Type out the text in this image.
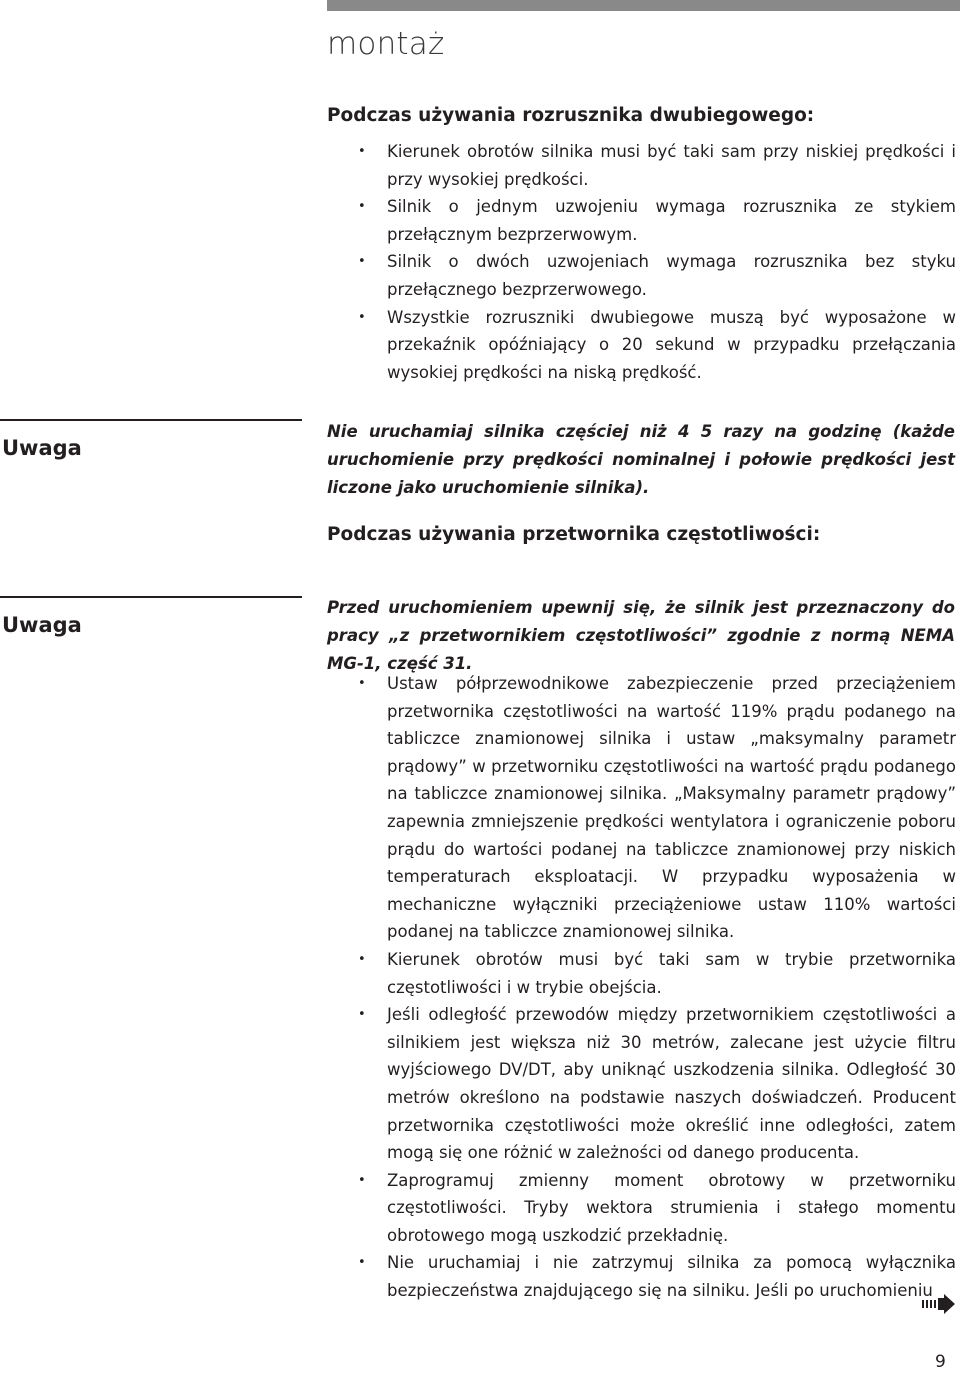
montaż
Podczas używania rozrusznika dwubiegowego:
• Kierunek obrotów silnika musi być taki sam przy niskiej prędkości i przy wysokiej prędkości.
• Silnik o jednym uzwojeniu wymaga rozrusznika ze stykiem przełącznym bezprzerwowym.
• Silnik o dwóch uzwojeniach wymaga rozrusznika bez styku przełącznego bezprzerwowego.
• Wszystkie rozruszniki dwubiegowe muszą być wyposażone w przekaźnik opóźniający o 20 sekund w przypadku przełączania wysokiej prędkości na niską prędkość.
Uwaga
Nie uruchamiaj silnika częściej niż 4 5 razy na godzinę (każde uruchomienie przy prędkości nominalnej i połowie prędkości jest liczone jako uruchomienie silnika).
Podczas używania przetwornika częstotliwości:
Uwaga
Przed uruchomieniem upewnij się, że silnik jest przeznaczony do pracy „z przetwornikiem częstotliwości” zgodnie z normą NEMA MG-1, część 31.
• Ustaw półprzewodnikowe zabezpieczenie przed przeciążeniem przetwornika częstotliwości na wartość 119% prądu podanego na tabliczce znamionowej silnika i ustaw „maksymalny parametr prądowy” w przetworniku częstotliwości na wartość prądu podanego na tabliczce znamionowej silnika. „Maksymalny parametr prądowy” zapewnia zmniejszenie prędkości wentylatora i ograniczenie poboru prądu do wartości podanej na tabliczce znamionowej przy niskich temperaturach eksploatacji. W przypadku wyposażenia w mechaniczne wyłączniki przeciążeniowe ustaw 110% wartości podanej na tabliczce znamionowej silnika.
• Kierunek obrotów musi być taki sam w trybie przetwornika częstotliwości i w trybie obejścia.
• Jeśli odległość przewodów między przetwornikiem częstotliwości a silnikiem jest większa niż 30 metrów, zalecane jest użycie filtru wyjściowego DV/DT, aby uniknąć uszkodzenia silnika. Odległość 30 metrów określono na podstawie naszych doświadczeń. Producent przetwornika częstotliwości może określić inne odległości, zatem mogą się one różnić w zależności od danego producenta.
• Zaprogramuj zmienny moment obrotowy w przetworniku częstotliwości. Tryby wektora strumienia i stałego momentu obrotowego mogą uszkodzić przekładnię.
• Nie uruchamiaj i nie zatrzymuj silnika za pomocą wyłącznika bezpieczeństwa znajdującego się na silniku. Jeśli po uruchomieniu
9
